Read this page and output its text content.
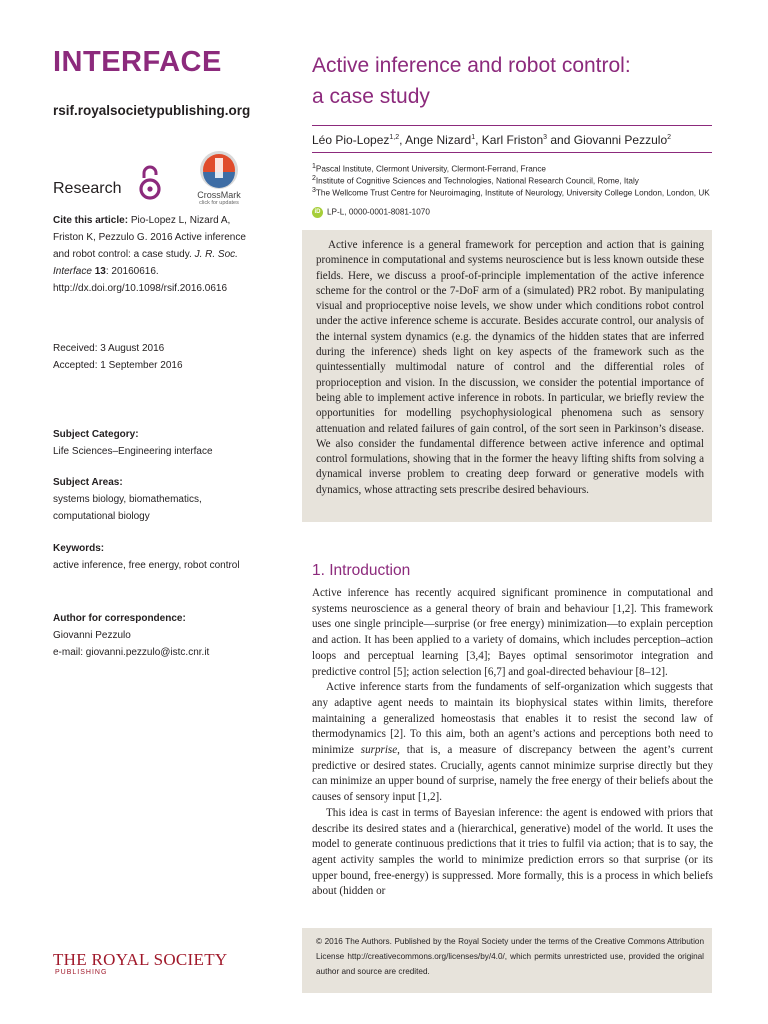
INTERFACE
rsif.royalsocietypublishing.org
Research	CrossMark
click for updates
Cite this article: Pio-Lopez L, Nizard A, Friston K, Pezzulo G. 2016 Active inference and robot control: a case study. J. R. Soc. Interface 13: 20160616.
http://dx.doi.org/10.1098/rsif.2016.0616
Received: 3 August 2016
Accepted: 1 September 2016
Subject Category:
Life Sciences–Engineering interface
Subject Areas:
systems biology, biomathematics, computational biology
Keywords:
active inference, free energy, robot control
Author for correspondence:
Giovanni Pezzulo
e-mail: giovanni.pezzulo@istc.cnr.it
Active inference and robot control:
a case study
Léo Pio-Lopez$^{1,2}$, Ange Nizard$^1$, Karl Friston$^3$ and Giovanni Pezzulo$^2$
$^1$Pascal Institute, Clermont University, Clermont-Ferrand, France
$^2$Institute of Cognitive Sciences and Technologies, National Research Council, Rome, Italy
$^3$The Wellcome Trust Centre for Neuroimaging, Institute of Neurology, University College London, London, UK
iD LP-L, 0000-0001-8081-1070

Active inference is a general framework for perception and action that is gaining prominence in computational and systems neuroscience but is less known outside these fields. Here, we discuss a proof-of-principle implementation of the active inference scheme for the control or the 7-DoF arm of a (simulated) PR2 robot. By manipulating visual and proprioceptive noise levels, we show under which conditions robot control under the active inference scheme is accurate. Besides accurate control, our analysis of the internal system dynamics (e.g. the dynamics of the hidden states that are inferred during the inference) sheds light on key aspects of the framework such as the quintessentially multimodal nature of control and the differential roles of proprioception and vision. In the discussion, we consider the potential importance of being able to implement active inference in robots. In particular, we briefly review the opportunities for modelling psychophysiological phenomena such as sensory attenuation and related failures of gain control, of the sort seen in Parkinson’s disease. We also consider the fundamental difference between active inference and optimal control formulations, showing that in the former the heavy lifting shifts from solving a dynamical inverse problem to creating deep forward or generative models with dynamics, whose attracting sets prescribe desired behaviours.

1. Introduction

Active inference has recently acquired significant prominence in computational and systems neuroscience as a general theory of brain and behaviour [1,2]. This framework uses one single principle—surprise (or free energy) minimization—to explain perception and action. It has been applied to a variety of domains, which includes perception–action loops and perceptual learning [3,4]; Bayes optimal sensorimotor integration and predictive control [5]; action selection [6,7] and goal-directed behaviour [8–12].

Active inference starts from the fundaments of self-organization which suggests that any adaptive agent needs to maintain its biophysical states within limits, therefore maintaining a generalized homeostasis that enables it to resist the second law of thermodynamics [2]. To this aim, both an agent’s actions and perceptions both need to minimize surprise, that is, a measure of discrepancy between the agent’s current predictive or desired states. Crucially, agents cannot minimize surprise directly but they can minimize an upper bound of surprise, namely the free energy of their beliefs about the causes of sensory input [1,2].

This idea is cast in terms of Bayesian inference: the agent is endowed with priors that describe its desired states and a (hierarchical, generative) model of the world. It uses the model to generate continuous predictions that it tries to fulfil via action; that is to say, the agent activity samples the world to minimize prediction errors so that surprise (or its upper bound, free-energy) is suppressed. More formally, this is a process in which beliefs about (hidden or

© 2016 The Authors. Published by the Royal Society under the terms of the Creative Commons Attribution License http://creativecommons.org/licenses/by/4.0/, which permits unrestricted use, provided the original author and source are credited.

THE ROYAL SOCIETY
PUBLISHING
